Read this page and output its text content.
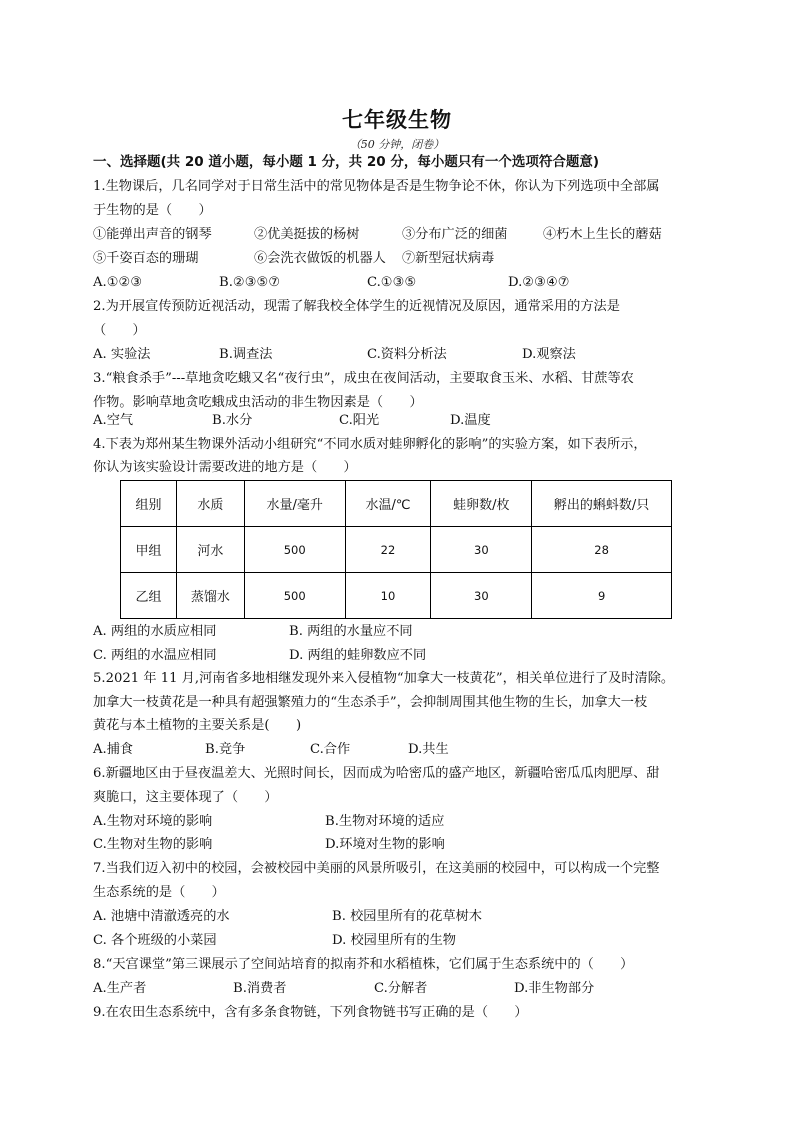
七年级生物
（50 分钟，闭卷）
一、选择题(共 20 道小题，每小题 1 分，共 20 分，每小题只有一个选项符合题意)
1.生物课后，几名同学对于日常生活中的常见物体是否是生物争论不休，你认为下列选项中全部属
于生物的是（　　）
①能弹出声音的钢琴	②优美挺拔的杨树	③分布广泛的细菌	④朽木上生长的蘑菇
⑤千姿百态的珊瑚	⑥会洗衣做饭的机器人 ⑦新型冠状病毒
A.①②③	B.②③⑤⑦	C.①③⑤	D.②③④⑦
2.为开展宣传预防近视活动，现需了解我校全体学生的近视情况及原因，通常采用的方法是
（　　）
A. 实验法	B.调查法	C.资料分析法	D.观察法
3.“粮食杀手”---草地贪吃蛾又名“夜行虫”，成虫在夜间活动，主要取食玉米、水稻、甘蔗等农
作物。影响草地贪吃蛾成虫活动的非生物因素是（　　）
A.空气	B.水分	C.阳光	D.温度
4.下表为郑州某生物课外活动小组研究“不同水质对蛙卵孵化的影响”的实验方案，如下表所示，
你认为该实验设计需要改进的地方是（　　）
组别	水质	水量/毫升	水温/℃	蛙卵数/枚	孵出的蝌蚪数/只
甲组	河水	500	22	30	28
乙组	蒸馏水	500	10	30	9
A. 两组的水质应相同	B. 两组的水量应不同
C. 两组的水温应相同	D. 两组的蛙卵数应不同
5.2021 年 11 月,河南省多地相继发现外来入侵植物“加拿大一枝黄花”，相关单位进行了及时清除。
加拿大一枝黄花是一种具有超强繁殖力的“生态杀手”，会抑制周围其他生物的生长，加拿大一枝
黄花与本土植物的主要关系是(　　)
A.捕食	B.竞争	C.合作	D.共生
6.新疆地区由于昼夜温差大、光照时间长，因而成为哈密瓜的盛产地区，新疆哈密瓜瓜肉肥厚、甜
爽脆口，这主要体现了（　　）
A.生物对环境的影响	B.生物对环境的适应
C.生物对生物的影响	D.环境对生物的影响
7.当我们迈入初中的校园，会被校园中美丽的风景所吸引，在这美丽的校园中，可以构成一个完整
生态系统的是（　　）
A. 池塘中清澈透亮的水	B. 校园里所有的花草树木
C. 各个班级的小菜园	D. 校园里所有的生物
8.“天宫课堂”第三课展示了空间站培育的拟南芥和水稻植株，它们属于生态系统中的（　　）
A.生产者	B.消费者	C.分解者	D.非生物部分
9.在农田生态系统中，含有多条食物链，下列食物链书写正确的是（　　）
